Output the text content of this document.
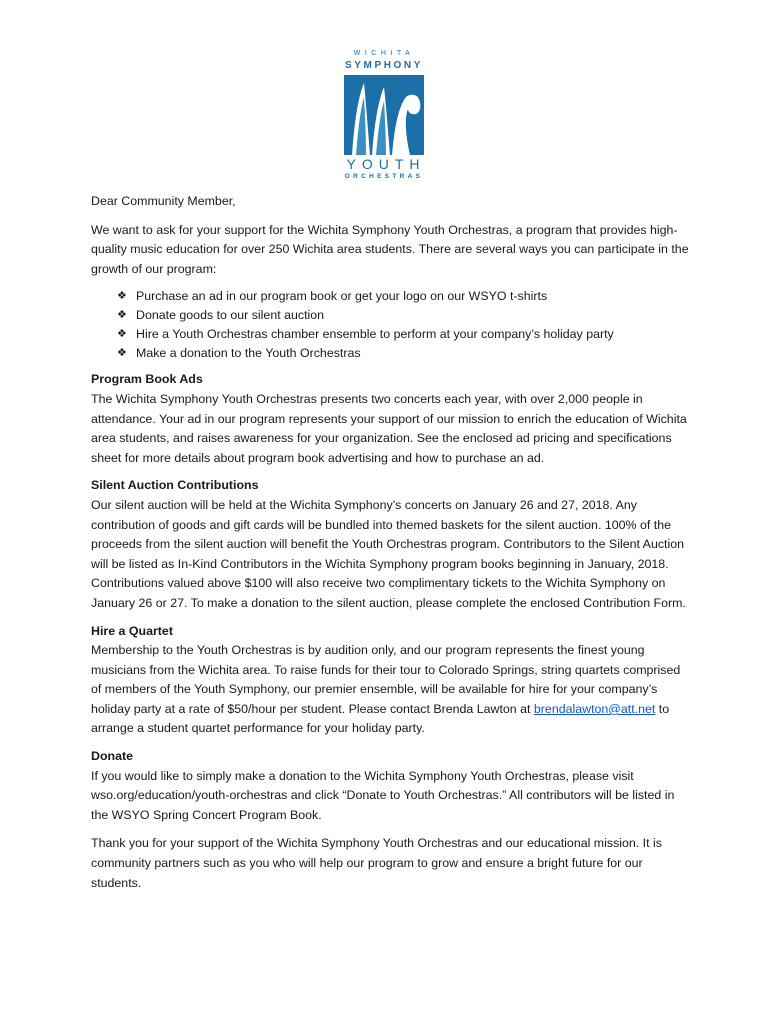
WICHITA
SYMPHONY
YOUTH
ORCHESTRAS

Dear Community Member,

We want to ask for your support for the Wichita Symphony Youth Orchestras, a program that provides high-quality music education for over 250 Wichita area students. There are several ways you can participate in the growth of our program:

❖ Purchase an ad in our program book or get your logo on our WSYO t-shirts
❖ Donate goods to our silent auction
❖ Hire a Youth Orchestras chamber ensemble to perform at your company’s holiday party
❖ Make a donation to the Youth Orchestras
Program Book Ads

The Wichita Symphony Youth Orchestras presents two concerts each year, with over 2,000 people in attendance. Your ad in our program represents your support of our mission to enrich the education of Wichita area students, and raises awareness for your organization. See the enclosed ad pricing and specifications sheet for more details about program book advertising and how to purchase an ad.

Silent Auction Contributions

Our silent auction will be held at the Wichita Symphony’s concerts on January 26 and 27, 2018. Any contribution of goods and gift cards will be bundled into themed baskets for the silent auction. 100% of the proceeds from the silent auction will benefit the Youth Orchestras program. Contributors to the Silent Auction will be listed as In-Kind Contributors in the Wichita Symphony program books beginning in January, 2018. Contributions valued above $100 will also receive two complimentary tickets to the Wichita Symphony on January 26 or 27. To make a donation to the silent auction, please complete the enclosed Contribution Form.

Hire a Quartet

Membership to the Youth Orchestras is by audition only, and our program represents the finest young musicians from the Wichita area. To raise funds for their tour to Colorado Springs, string quartets comprised of members of the Youth Symphony, our premier ensemble, will be available for hire for your company’s holiday party at a rate of $50/hour per student. Please contact Brenda Lawton at brendalawton@att.net to arrange a student quartet performance for your holiday party.

Donate

If you would like to simply make a donation to the Wichita Symphony Youth Orchestras, please visit wso.org/education/youth-orchestras and click “Donate to Youth Orchestras.” All contributors will be listed in the WSYO Spring Concert Program Book.

Thank you for your support of the Wichita Symphony Youth Orchestras and our educational mission. It is community partners such as you who will help our program to grow and ensure a bright future for our students.
